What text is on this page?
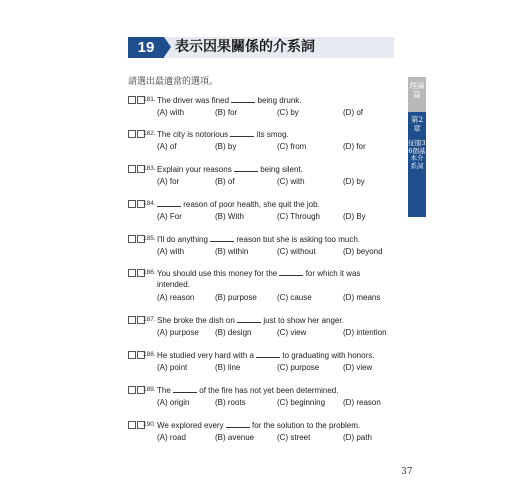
19	表示因果關係的介系詞
請選出最適當的選項。
181. The driver was fined	being drunk.
(A) with	(B) for	(C) by	(D) of
182. The city is notorious	its smog.
(A) of	(B) by	(C) from	(D) for
183. Explain your reasons	being silent.
(A) for	(B) of	(C) with	(D) by
184.	reason of poor health, she quit the job.
(A) For	(B) With	(C) Through	(D) By
185. I'll do anything	reason but she is asking too much.
(A) with	(B) within	(C) without	(D) beyond
186. You should use this money for the	for which it was
intended.
(A) reason	(B) purpose	(C) cause	(D) means
187. She broke the dish on	just to show her anger.
(A) purpose (B) design	(C) view	(D) intention
188. He studied very hard with a	to graduating with honors.
(A) point	(B) line	(C) purpose	(D) view
189. The	of the fire has not yet been determined.
(A) origin	(B) roots	(C) beginning (D) reason
190. We explored every	for the solution to the problem.
(A) road	(B) avenue	(C) street	(D) path
理論篇
第2章
征服36個基本介系詞
37
